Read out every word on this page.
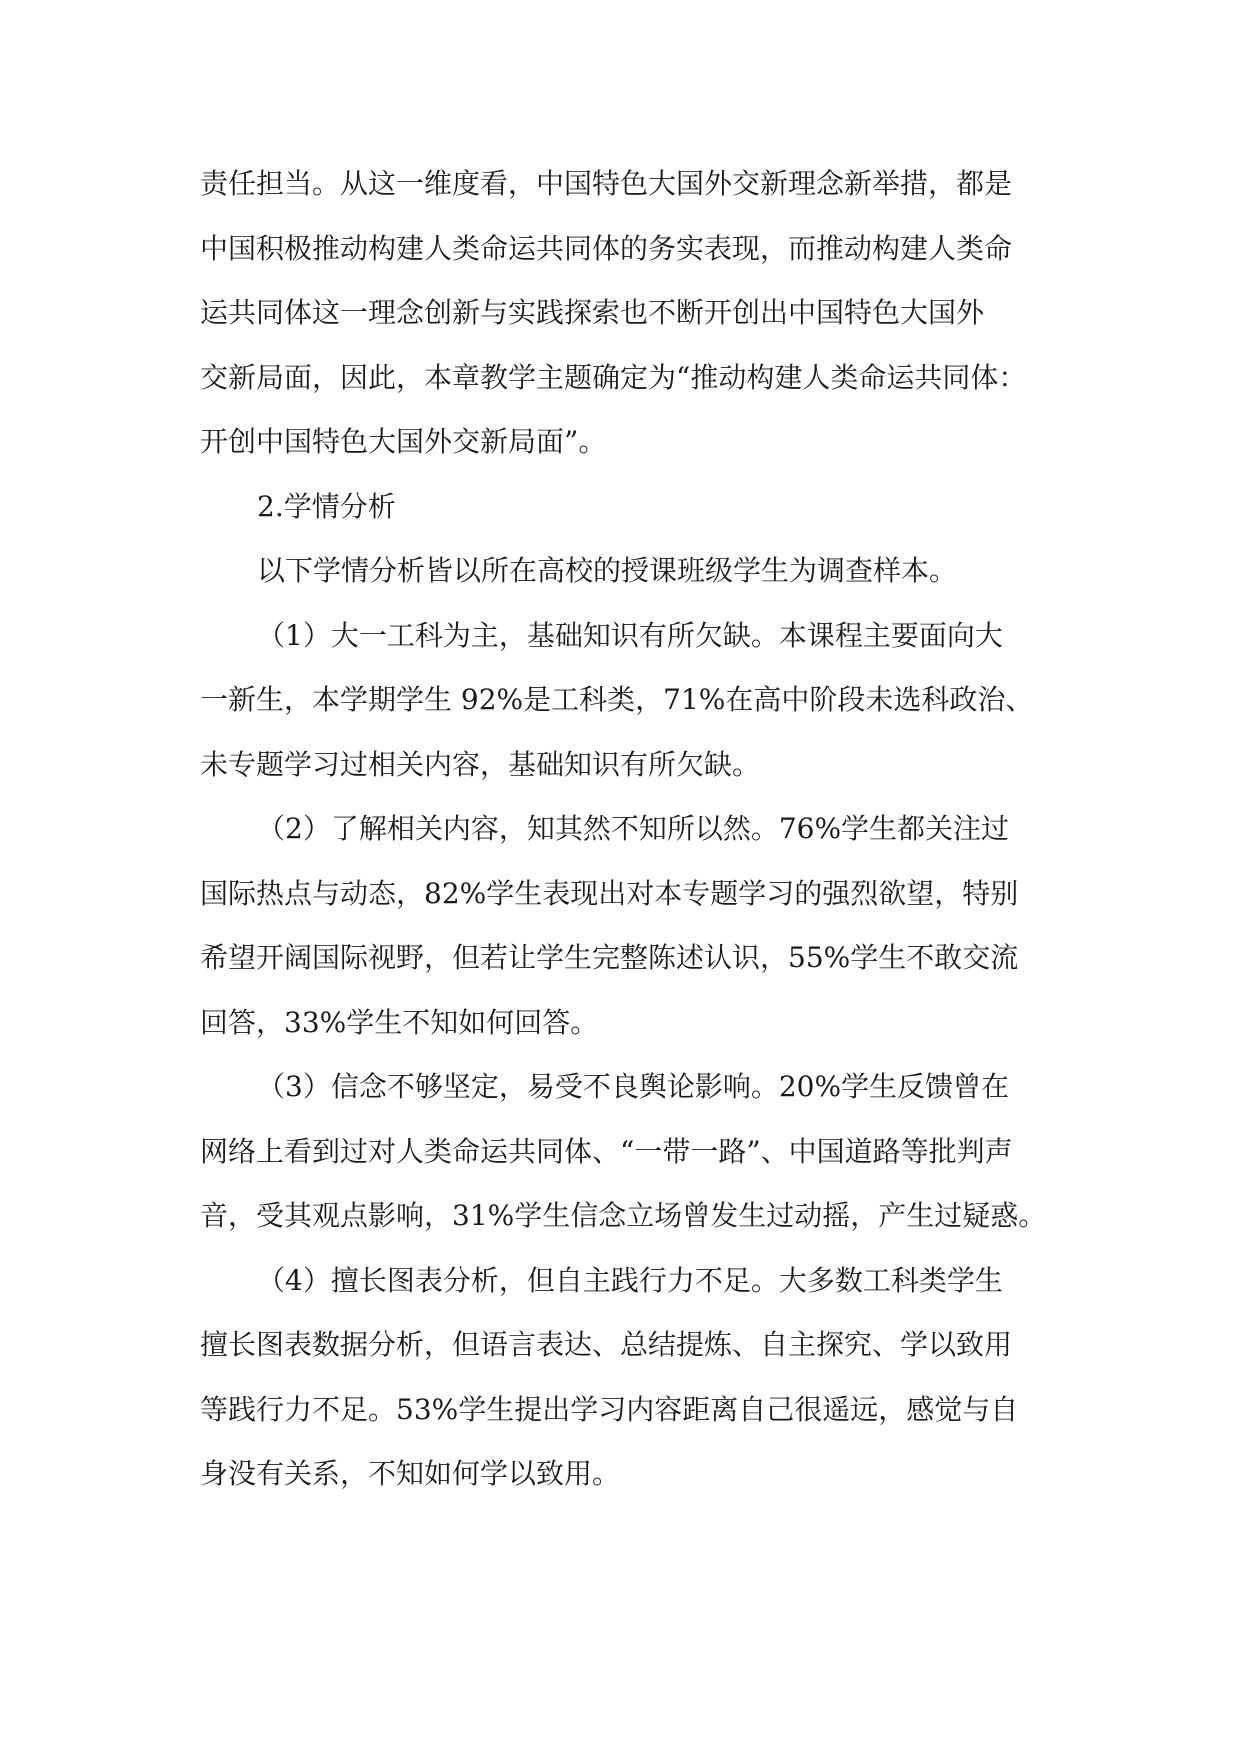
责任担当。从这一维度看，中国特色大国外交新理念新举措，都是
中国积极推动构建人类命运共同体的务实表现，而推动构建人类命
运共同体这一理念创新与实践探索也不断开创出中国特色大国外
交新局面，因此，本章教学主题确定为“推动构建人类命运共同体：
开创中国特色大国外交新局面”。
2.学情分析
以下学情分析皆以所在高校的授课班级学生为调查样本。
（1）大一工科为主，基础知识有所欠缺。本课程主要面向大
一新生，本学期学生 92%是工科类，71%在高中阶段未选科政治、
未专题学习过相关内容，基础知识有所欠缺。
（2）了解相关内容，知其然不知所以然。76%学生都关注过
国际热点与动态，82%学生表现出对本专题学习的强烈欲望，特别
希望开阔国际视野，但若让学生完整陈述认识，55%学生不敢交流
回答，33%学生不知如何回答。
（3）信念不够坚定，易受不良舆论影响。20%学生反馈曾在
网络上看到过对人类命运共同体、“一带一路”、中国道路等批判声
音，受其观点影响，31%学生信念立场曾发生过动摇，产生过疑惑。
（4）擅长图表分析，但自主践行力不足。大多数工科类学生
擅长图表数据分析，但语言表达、总结提炼、自主探究、学以致用
等践行力不足。53%学生提出学习内容距离自己很遥远，感觉与自
身没有关系，不知如何学以致用。
